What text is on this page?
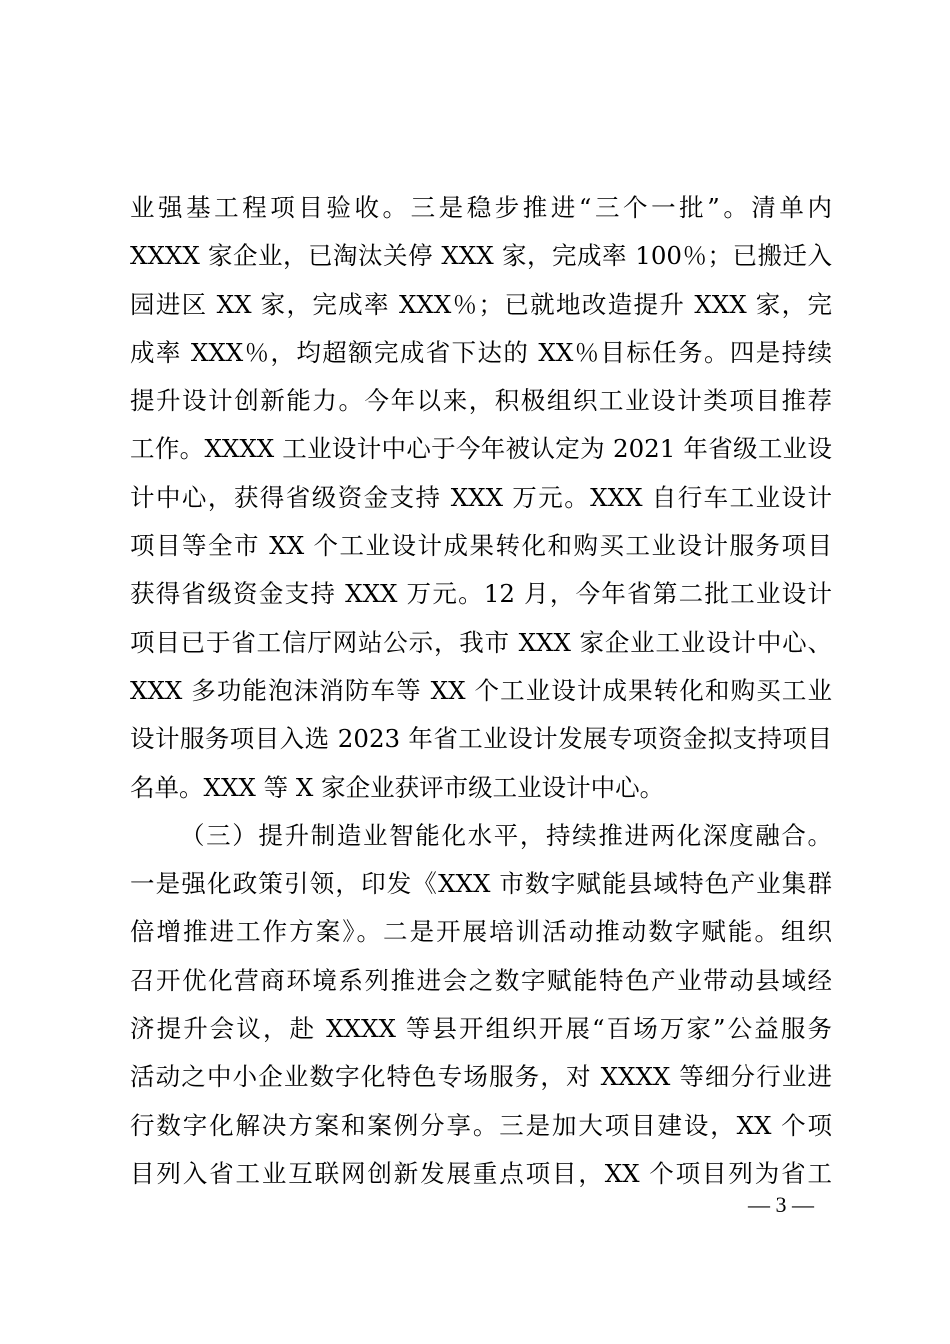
业强基工程项目验收。三是稳步推进“三个一批”。清单内
XXXX 家企业，已淘汰关停 XXX 家，完成率 100％；已搬迁入
园进区 XX 家，完成率 XXX％；已就地改造提升 XXX 家，完
成率 XXX％，均超额完成省下达的 XX％目标任务。四是持续
提升设计创新能力。今年以来，积极组织工业设计类项目推荐
工作。XXXX 工业设计中心于今年被认定为 2021 年省级工业设
计中心，获得省级资金支持 XXX 万元。XXX 自行车工业设计
项目等全市 XX 个工业设计成果转化和购买工业设计服务项目
获得省级资金支持 XXX 万元。12 月，今年省第二批工业设计
项目已于省工信厅网站公示，我市 XXX 家企业工业设计中心、
XXX 多功能泡沫消防车等 XX 个工业设计成果转化和购买工业
设计服务项目入选 2023 年省工业设计发展专项资金拟支持项目
名单。XXX 等 X 家企业获评市级工业设计中心。
（三）提升制造业智能化水平，持续推进两化深度融合。
一是强化政策引领，印发《XXX 市数字赋能县域特色产业集群
倍增推进工作方案》。二是开展培训活动推动数字赋能。组织
召开优化营商环境系列推进会之数字赋能特色产业带动县域经
济提升会议，赴 XXXX 等县开组织开展“百场万家”公益服务
活动之中小企业数字化特色专场服务，对 XXXX 等细分行业进
行数字化解决方案和案例分享。三是加大项目建设，XX 个项
目列入省工业互联网创新发展重点项目，XX 个项目列为省工
— 3 —
